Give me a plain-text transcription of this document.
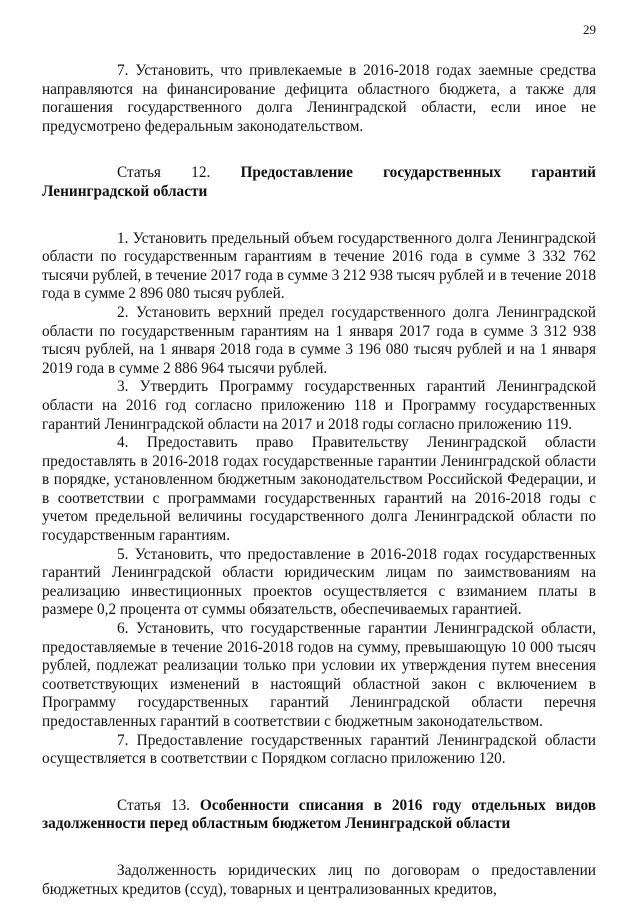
29

7. Установить, что привлекаемые в 2016-2018 годах заемные средства направляются на финансирование дефицита областного бюджета, а также для погашения государственного долга Ленинградской области, если иное не предусмотрено федеральным законодательством.

Статья 12. Предоставление государственных гарантий Ленинградской области

1. Установить предельный объем государственного долга Ленинградской области по государственным гарантиям в течение 2016 года в сумме 3 332 762 тысячи рублей, в течение 2017 года в сумме 3 212 938 тысяч рублей и в течение 2018 года в сумме 2 896 080 тысяч рублей.

2. Установить верхний предел государственного долга Ленинградской области по государственным гарантиям на 1 января 2017 года в сумме 3 312 938 тысяч рублей, на 1 января 2018 года в сумме 3 196 080 тысяч рублей и на 1 января 2019 года в сумме 2 886 964 тысячи рублей.

3. Утвердить Программу государственных гарантий Ленинградской области на 2016 год согласно приложению 118 и Программу государственных гарантий Ленинградской области на 2017 и 2018 годы согласно приложению 119.

4. Предоставить право Правительству Ленинградской области предоставлять в 2016-2018 годах государственные гарантии Ленинградской области в порядке, установленном бюджетным законодательством Российской Федерации, и в соответствии с программами государственных гарантий на 2016-2018 годы с учетом предельной величины государственного долга Ленинградской области по государственным гарантиям.

5. Установить, что предоставление в 2016-2018 годах государственных гарантий Ленинградской области юридическим лицам по заимствованиям на реализацию инвестиционных проектов осуществляется с взиманием платы в размере 0,2 процента от суммы обязательств, обеспечиваемых гарантией.

6. Установить, что государственные гарантии Ленинградской области, предоставляемые в течение 2016-2018 годов на сумму, превышающую 10 000 тысяч рублей, подлежат реализации только при условии их утверждения путем внесения соответствующих изменений в настоящий областной закон с включением в Программу государственных гарантий Ленинградской области перечня предоставленных гарантий в соответствии с бюджетным законодательством.

7. Предоставление государственных гарантий Ленинградской области осуществляется в соответствии с Порядком согласно приложению 120.

Статья 13. Особенности списания в 2016 году отдельных видов задолженности перед областным бюджетом Ленинградской области

Задолженность юридических лиц по договорам о предоставлении бюджетных кредитов (ссуд), товарных и централизованных кредитов,
